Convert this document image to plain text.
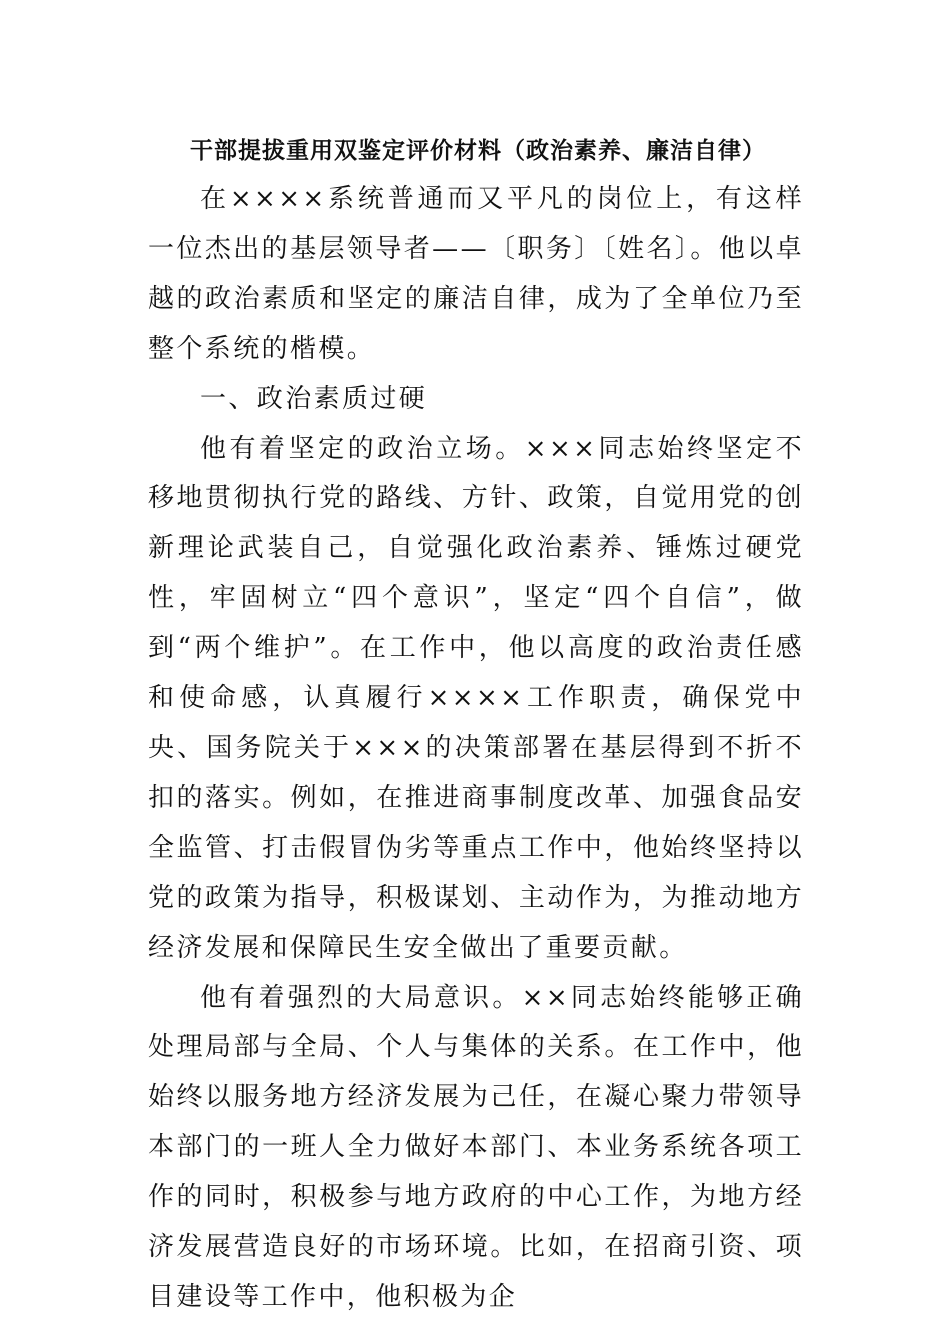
干部提拔重用双鉴定评价材料（政治素养、廉洁自律）

在××××系统普通而又平凡的岗位上，有这样一位杰出的基层领导者——〔职务〕〔姓名〕。他以卓越的政治素质和坚定的廉洁自律，成为了全单位乃至整个系统的楷模。

一、政治素质过硬

他有着坚定的政治立场。×××同志始终坚定不移地贯彻执行党的路线、方针、政策，自觉用党的创新理论武装自己，自觉强化政治素养、锤炼过硬党性，牢固树立“四个意识”，坚定“四个自信”，做到“两个维护”。在工作中，他以高度的政治责任感和使命感，认真履行××××工作职责，确保党中央、国务院关于×××的决策部署在基层得到不折不扣的落实。例如，在推进商事制度改革、加强食品安全监管、打击假冒伪劣等重点工作中，他始终坚持以党的政策为指导，积极谋划、主动作为，为推动地方经济发展和保障民生安全做出了重要贡献。

他有着强烈的大局意识。××同志始终能够正确处理局部与全局、个人与集体的关系。在工作中，他始终以服务地方经济发展为己任，在凝心聚力带领导本部门的一班人全力做好本部门、本业务系统各项工作的同时，积极参与地方政府的中心工作，为地方经济发展营造良好的市场环境。比如，在招商引资、项目建设等工作中，他积极为企
